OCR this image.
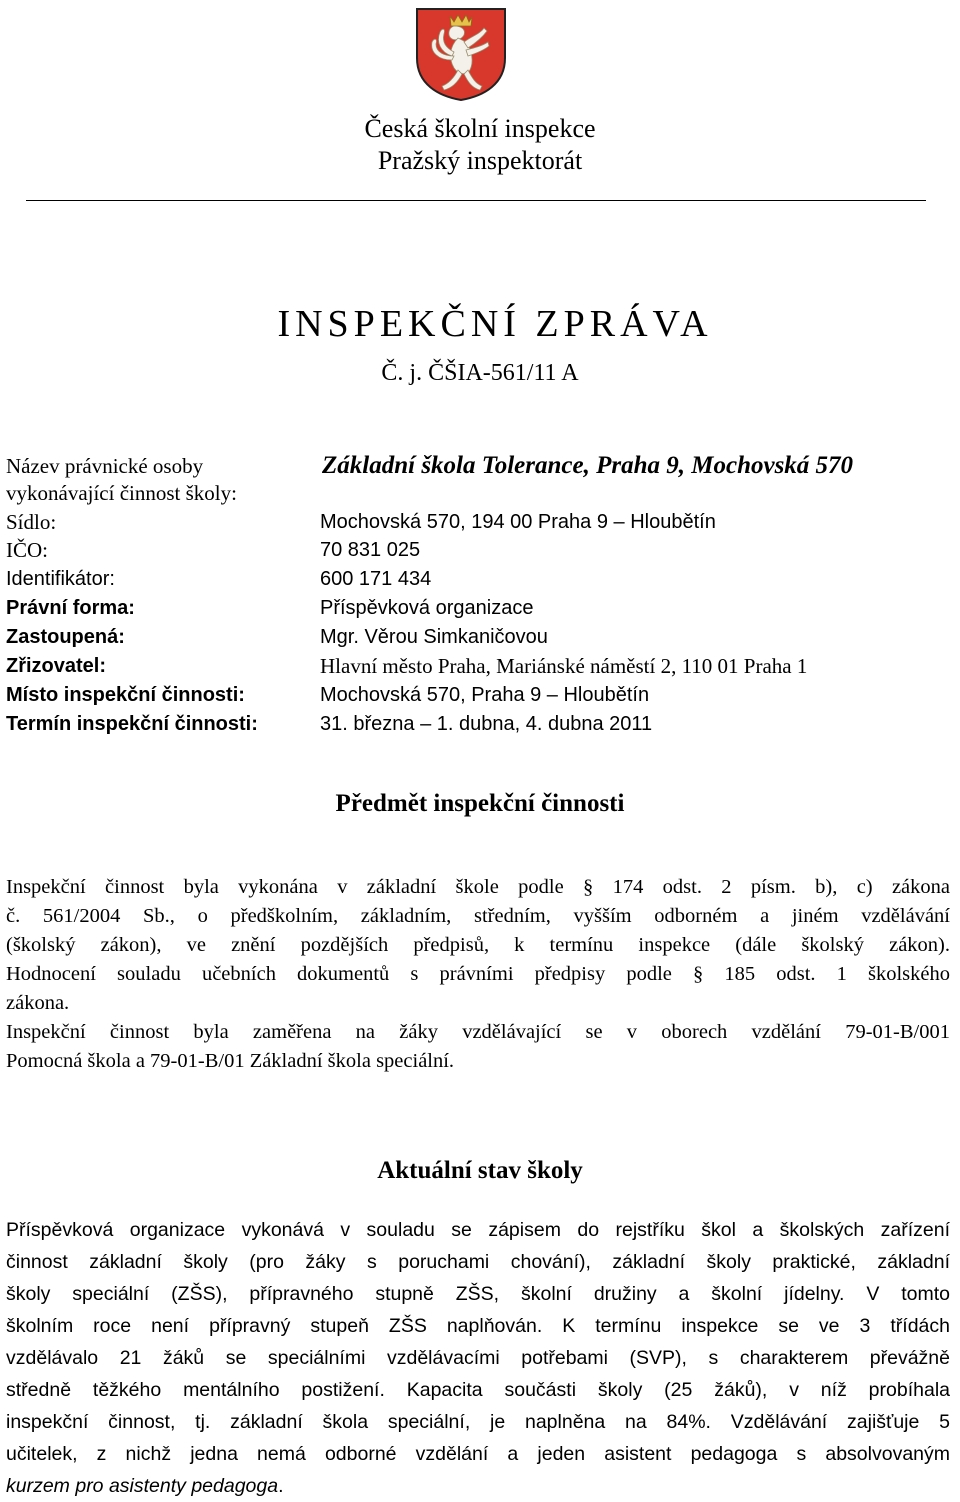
Česká školní inspekce
Pražský inspektorát
INSPEKČNÍ ZPRÁVA
Č. j. ČŠIA-561/11 A
Název právnické osoby
vykonávající činnost školy:
Základní škola Tolerance, Praha 9, Mochovská 570
Sídlo:	Mochovská 570, 194 00 Praha 9 – Hloubětín
IČO:	70 831 025
Identifikátor:	600 171 434
Právní forma:	Příspěvková organizace
Zastoupená:	Mgr. Věrou Simkaničovou
Zřizovatel:	Hlavní město Praha, Mariánské náměstí 2, 110 01 Praha 1
Místo inspekční činnosti:	Mochovská 570, Praha 9 – Hloubětín
Termín inspekční činnosti:	31. března – 1. dubna, 4. dubna 2011
Předmět inspekční činnosti
Inspekční činnost byla vykonána v základní škole podle § 174 odst. 2 písm. b), c) zákona
č. 561/2004 Sb., o předškolním, základním, středním, vyšším odborném a jiném vzdělávání
(školský zákon), ve znění pozdějších předpisů, k termínu inspekce (dále školský zákon).
Hodnocení souladu učebních dokumentů s právními předpisy podle § 185 odst. 1 školského
zákona.
Inspekční činnost byla zaměřena na žáky vzdělávající se v oborech vzdělání 79-01-B/001
Pomocná škola a 79-01-B/01 Základní škola speciální.
Aktuální stav školy
Příspěvková organizace vykonává v souladu se zápisem do rejstříku škol a školských zařízení
činnost základní školy (pro žáky s poruchami chování), základní školy praktické, základní
školy speciální (ZŠS), přípravného stupně ZŠS, školní družiny a školní jídelny. V tomto
školním roce není přípravný stupeň ZŠS naplňován. K termínu inspekce se ve 3 třídách
vzdělávalo 21 žáků se speciálními vzdělávacími potřebami (SVP), s charakterem převážně
středně těžkého mentálního postižení. Kapacita součásti školy (25 žáků), v níž probíhala
inspekční činnost, tj. základní škola speciální, je naplněna na 84%. Vzdělávání zajišťuje 5
učitelek, z nichž jedna nemá odborné vzdělání a jeden asistent pedagoga s absolvovaným
kurzem pro asistenty pedagoga.
